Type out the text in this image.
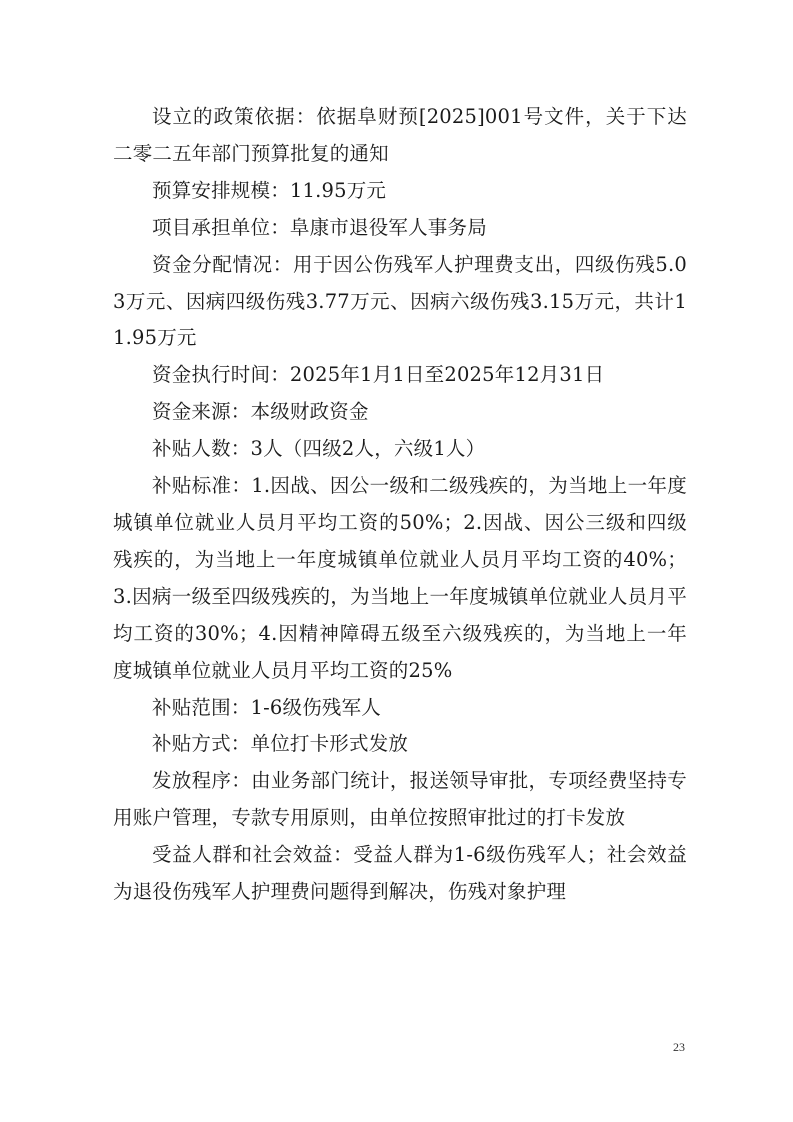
设立的政策依据：依据阜财预[2025]001号文件，关于下达二零二五年部门预算批复的通知

预算安排规模：11.95万元

项目承担单位：阜康市退役军人事务局

资金分配情况：用于因公伤残军人护理费支出，四级伤残5.03万元、因病四级伤残3.77万元、因病六级伤残3.15万元，共计11.95万元

资金执行时间：2025年1月1日至2025年12月31日

资金来源：本级财政资金

补贴人数：3人（四级2人，六级1人）

补贴标准：1.因战、因公一级和二级残疾的，为当地上一年度城镇单位就业人员月平均工资的50%；2.因战、因公三级和四级残疾的，为当地上一年度城镇单位就业人员月平均工资的40%；3.因病一级至四级残疾的，为当地上一年度城镇单位就业人员月平均工资的30%；4.因精神障碍五级至六级残疾的，为当地上一年度城镇单位就业人员月平均工资的25%

补贴范围：1-6级伤残军人

补贴方式：单位打卡形式发放

发放程序：由业务部门统计，报送领导审批，专项经费坚持专用账户管理，专款专用原则，由单位按照审批过的打卡发放

受益人群和社会效益：受益人群为1-6级伤残军人；社会效益为退役伤残军人护理费问题得到解决，伤残对象护理

23
